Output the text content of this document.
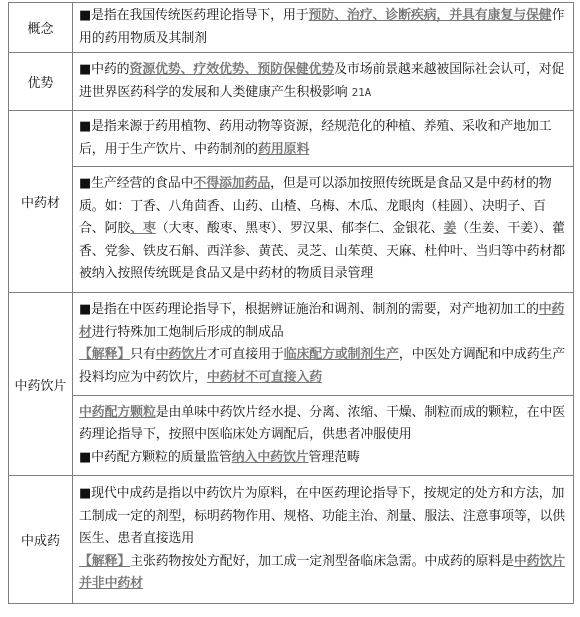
概念	■是指在我国传统医药理论指导下，用于预防、治疗、诊断疾病，并具有康复与保健作用的药用物质及其制剂

优势	■中药的资源优势、疗效优势、预防保健优势及市场前景越来越被国际社会认可，对促进世界医药科学的发展和人类健康产生积极影响 21A

中药材	■是指来源于药用植物、药用动物等资源，经规范化的种植、养殖、采收和产地加工后，用于生产饮片、中药制剂的药用原料

	■生产经营的食品中不得添加药品，但是可以添加按照传统既是食品又是中药材的物质。如：丁香、八角茴香、山药、山楂、乌梅、木瓜、龙眼肉（桂圆）、决明子、百合、阿胶、枣（大枣、酸枣、黑枣）、罗汉果、郁李仁、金银花、姜（生姜、干姜）、藿香、党参、铁皮石斛、西洋参、黄芪、灵芝、山茱萸、天麻、杜仲叶、当归等中药材都被纳入按照传统既是食品又是中药材的物质目录管理

中药饮片	■是指在中医药理论指导下，根据辨证施治和调剂、制剂的需要，对产地初加工的中药材进行特殊加工炮制后形成的制成品
【解释】只有中药饮片才可直接用于临床配方或制剂生产，中医处方调配和中成药生产投料均应为中药饮片，中药材不可直接入药

	中药配方颗粒是由单味中药饮片经水提、分离、浓缩、干燥、制粒而成的颗粒，在中医药理论指导下，按照中医临床处方调配后，供患者冲服使用
■中药配方颗粒的质量监管纳入中药饮片管理范畴

中成药	■现代中成药是指以中药饮片为原料，在中医药理论指导下，按规定的处方和方法，加工制成一定的剂型，标明药物作用、规格、功能主治、剂量、服法、注意事项等，以供医生、患者直接选用
【解释】主张药物按处方配好，加工成一定剂型备临床急需。中成药的原料是中药饮片并非中药材
